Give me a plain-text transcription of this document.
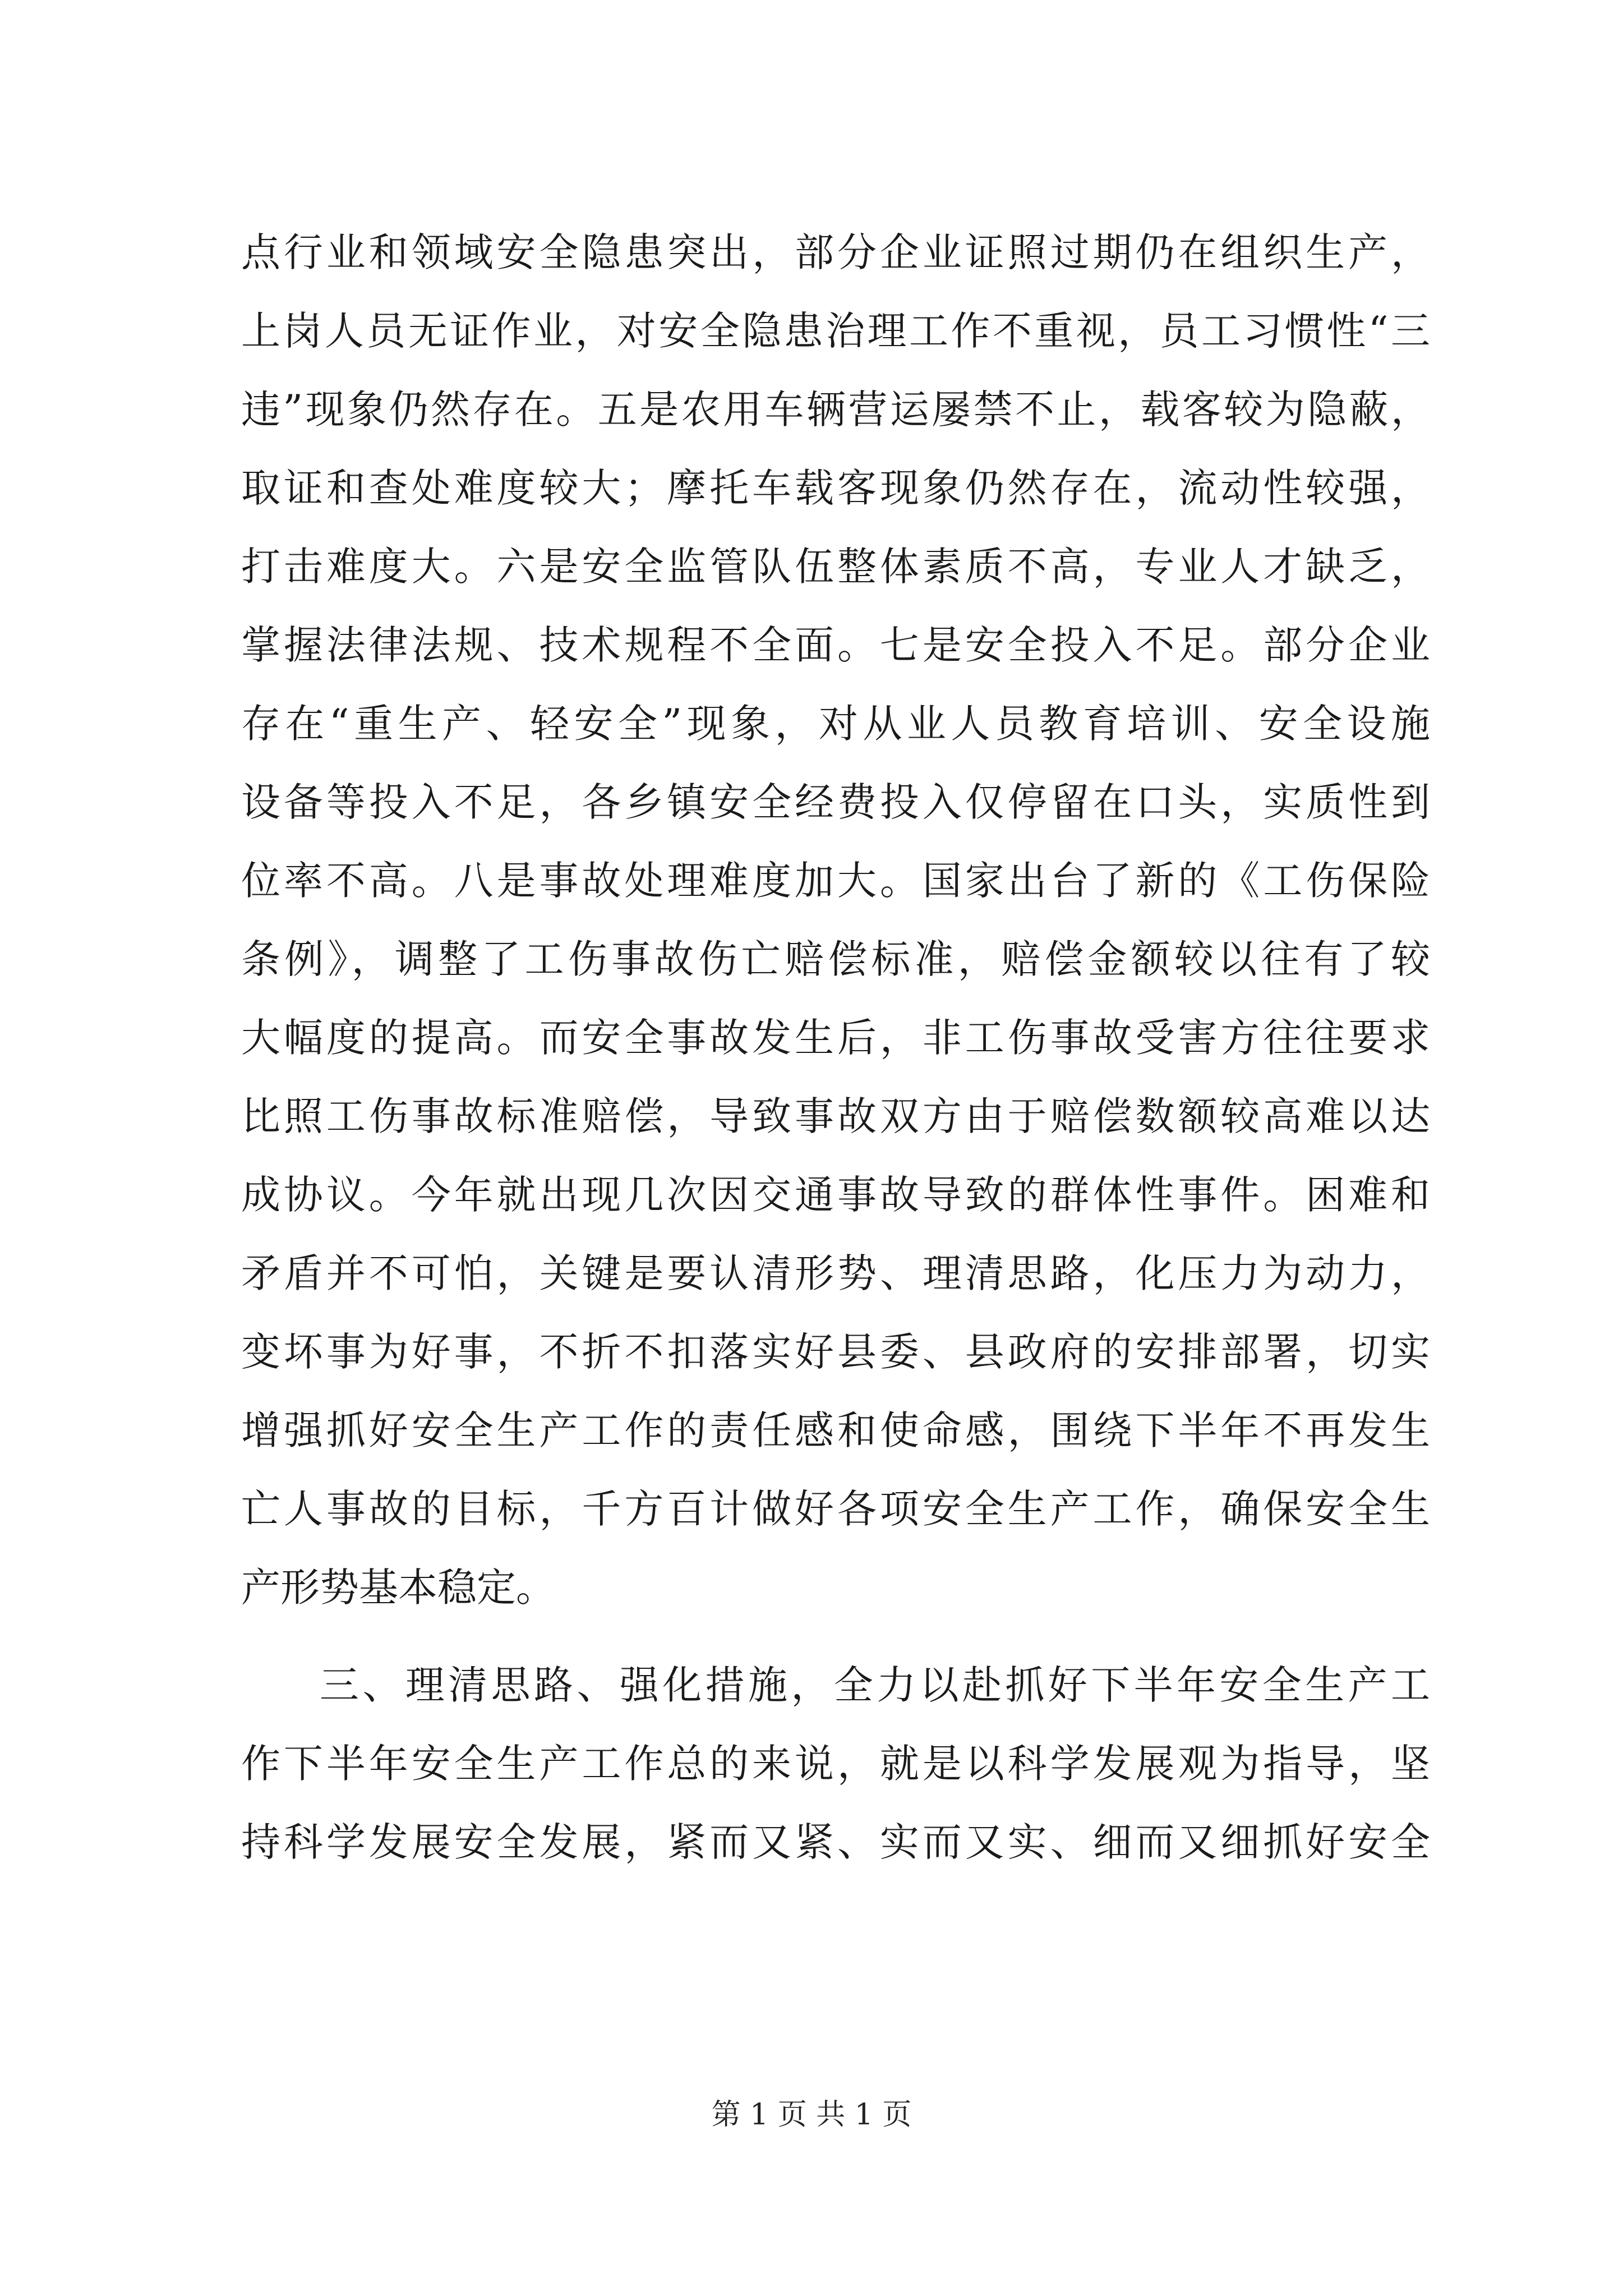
点行业和领域安全隐患突出，部分企业证照过期仍在组织生产，
上岗人员无证作业，对安全隐患治理工作不重视，员工习惯性“三
违”现象仍然存在。五是农用车辆营运屡禁不止，载客较为隐蔽，
取证和查处难度较大；摩托车载客现象仍然存在，流动性较强，
打击难度大。六是安全监管队伍整体素质不高，专业人才缺乏，
掌握法律法规、技术规程不全面。七是安全投入不足。部分企业
存在“重生产、轻安全”现象，对从业人员教育培训、安全设施
设备等投入不足，各乡镇安全经费投入仅停留在口头，实质性到
位率不高。八是事故处理难度加大。国家出台了新的《工伤保险
条例》，调整了工伤事故伤亡赔偿标准，赔偿金额较以往有了较
大幅度的提高。而安全事故发生后，非工伤事故受害方往往要求
比照工伤事故标准赔偿，导致事故双方由于赔偿数额较高难以达
成协议。今年就出现几次因交通事故导致的群体性事件。困难和
矛盾并不可怕，关键是要认清形势、理清思路，化压力为动力，
变坏事为好事，不折不扣落实好县委、县政府的安排部署，切实
增强抓好安全生产工作的责任感和使命感，围绕下半年不再发生
亡人事故的目标，千方百计做好各项安全生产工作，确保安全生
产形势基本稳定。
三、理清思路、强化措施，全力以赴抓好下半年安全生产工
作下半年安全生产工作总的来说，就是以科学发展观为指导，坚
持科学发展安全发展，紧而又紧、实而又实、细而又细抓好安全
第 1 页 共 1 页
